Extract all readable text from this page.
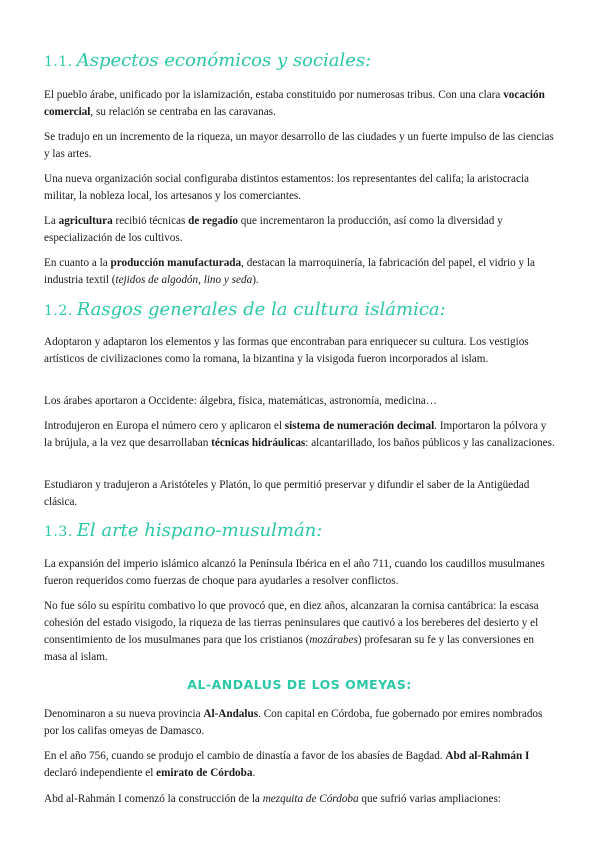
1.1. Aspectos económicos y sociales:

El pueblo árabe, unificado por la islamización, estaba constituido por numerosas tribus. Con una clara vocación comercial, su relación se centraba en las caravanas.

Se tradujo en un incremento de la riqueza, un mayor desarrollo de las ciudades y un fuerte impulso de las ciencias y las artes.

Una nueva organización social configuraba distintos estamentos: los representantes del califa; la aristocracia militar, la nobleza local, los artesanos y los comerciantes.

La agricultura recibió técnicas de regadío que incrementaron la producción, así como la diversidad y especialización de los cultivos.

En cuanto a la producción manufacturada, destacan la marroquinería, la fabricación del papel, el vidrio y la industria textil (tejidos de algodón, lino y seda).

1.2. Rasgos generales de la cultura islámica:

Adoptaron y adaptaron los elementos y las formas que encontraban para enriquecer su cultura. Los vestigios artísticos de civilizaciones como la romana, la bizantina y la visigoda fueron incorporados al islam.

Los árabes aportaron a Occidente: álgebra, física, matemáticas, astronomía, medicina…

Introdujeron en Europa el número cero y aplicaron el sistema de numeración decimal. Importaron la pólvora y la brújula, a la vez que desarrollaban técnicas hidráulicas: alcantarillado, los baños públicos y las canalizaciones.

Estudiaron y tradujeron a Aristóteles y Platón, lo que permitió preservar y difundir el saber de la Antigüedad clásica.

1.3. El arte hispano-musulmán:

La expansión del imperio islámico alcanzó la Península Ibérica en el año 711, cuando los caudillos musulmanes fueron requeridos como fuerzas de choque para ayudarles a resolver conflictos.

No fue sólo su espíritu combativo lo que provocó que, en diez años, alcanzaran la cornisa cantábrica: la escasa cohesión del estado visigodo, la riqueza de las tierras peninsulares que cautivó a los bereberes del desierto y el consentimiento de los musulmanes para que los cristianos (mozárabes) profesaran su fe y las conversiones en masa al islam.

AL-ANDALUS DE LOS OMEYAS:

Denominaron a su nueva provincia Al-Andalus. Con capital en Córdoba, fue gobernado por emires nombrados por los califas omeyas de Damasco.

En el año 756, cuando se produjo el cambio de dinastía a favor de los abasíes de Bagdad. Abd al-Rahmán I declaró independiente el emirato de Córdoba.

Abd al-Rahmán I comenzó la construcción de la mezquita de Córdoba que sufrió varias ampliaciones:
